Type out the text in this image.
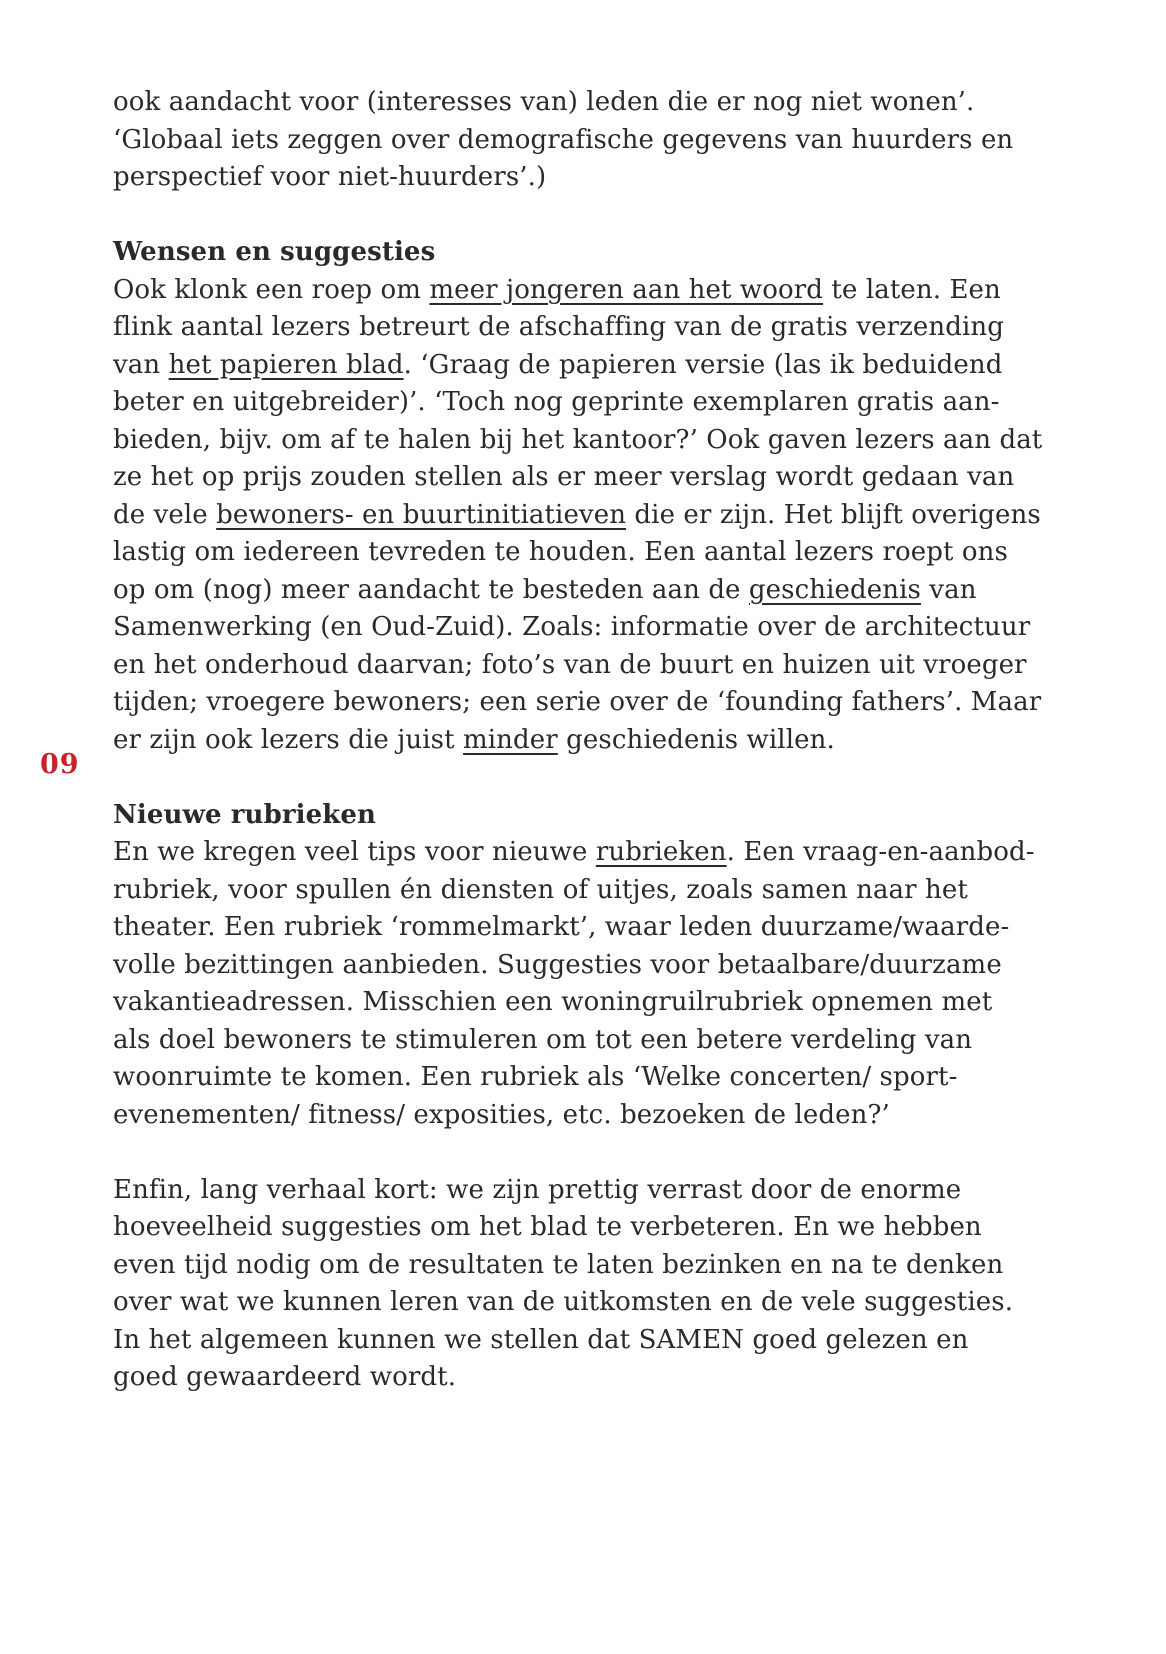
09
ook aandacht voor (interesses van) leden die er nog niet wonen’.
‘Globaal iets zeggen over demografische gegevens van huurders en
perspectief voor niet-huurders’.)
Wensen en suggesties
Ook klonk een roep om meer jongeren aan het woord te laten. Een
flink aantal lezers betreurt de afschaffing van de gratis verzending
van het papieren blad. ‘Graag de papieren versie (las ik beduidend
beter en uitgebreider)’. ‘Toch nog geprinte exemplaren gratis aan-
bieden, bijv. om af te halen bij het kantoor?’ Ook gaven lezers aan dat
ze het op prijs zouden stellen als er meer verslag wordt gedaan van
de vele bewoners- en buurtinitiatieven die er zijn. Het blijft overigens
lastig om iedereen tevreden te houden. Een aantal lezers roept ons
op om (nog) meer aandacht te besteden aan de geschiedenis van
Samenwerking (en Oud-Zuid). Zoals: informatie over de architectuur
en het onderhoud daarvan; foto’s van de buurt en huizen uit vroeger
tijden; vroegere bewoners; een serie over de ‘founding fathers’. Maar
er zijn ook lezers die juist minder geschiedenis willen.
Nieuwe rubrieken
En we kregen veel tips voor nieuwe rubrieken. Een vraag-en-aanbod-
rubriek, voor spullen én diensten of uitjes, zoals samen naar het
theater. Een rubriek ‘rommelmarkt’, waar leden duurzame/waarde-
volle bezittingen aanbieden. Suggesties voor betaalbare/duurzame
vakantieadressen. Misschien een woningruilrubriek opnemen met
als doel bewoners te stimuleren om tot een betere verdeling van
woonruimte te komen. Een rubriek als ‘Welke concerten/ sport-
evenementen/ fitness/ exposities, etc. bezoeken de leden?’
Enfin, lang verhaal kort: we zijn prettig verrast door de enorme
hoeveelheid suggesties om het blad te verbeteren. En we hebben
even tijd nodig om de resultaten te laten bezinken en na te denken
over wat we kunnen leren van de uitkomsten en de vele suggesties.
In het algemeen kunnen we stellen dat SAMEN goed gelezen en
goed gewaardeerd wordt.
